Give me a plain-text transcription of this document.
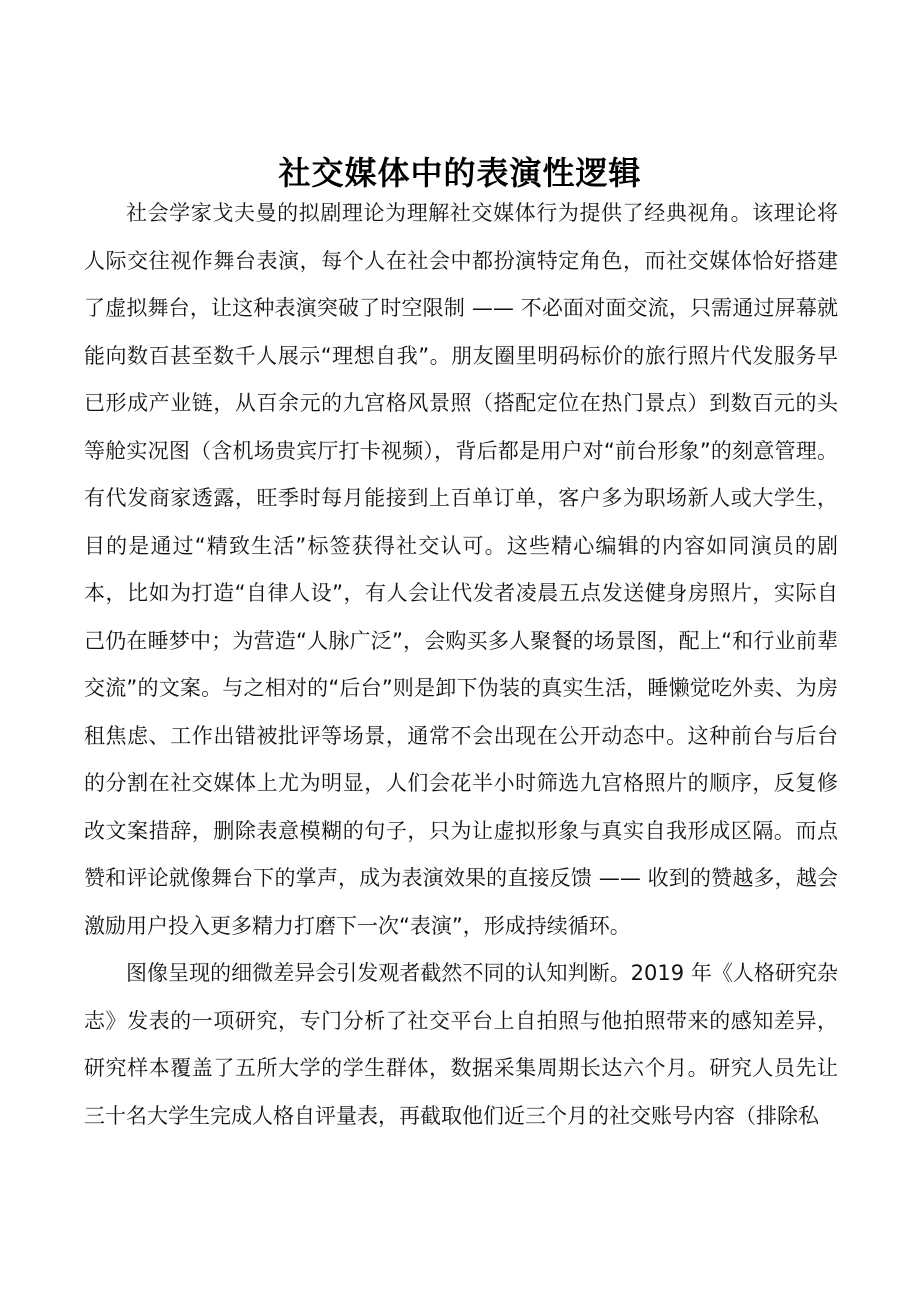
社交媒体中的表演性逻辑

社会学家戈夫曼的拟剧理论为理解社交媒体行为提供了经典视角。该理论将人际交往视作舞台表演，每个人在社会中都扮演特定角色，而社交媒体恰好搭建了虚拟舞台，让这种表演突破了时空限制 —— 不必面对面交流，只需通过屏幕就能向数百甚至数千人展示“理想自我”。朋友圈里明码标价的旅行照片代发服务早已形成产业链，从百余元的九宫格风景照（搭配定位在热门景点）到数百元的头等舱实况图（含机场贵宾厅打卡视频），背后都是用户对“前台形象”的刻意管理。有代发商家透露，旺季时每月能接到上百单订单，客户多为职场新人或大学生，目的是通过“精致生活”标签获得社交认可。这些精心编辑的内容如同演员的剧本，比如为打造“自律人设”，有人会让代发者凌晨五点发送健身房照片，实际自己仍在睡梦中；为营造“人脉广泛”，会购买多人聚餐的场景图，配上“和行业前辈交流”的文案。与之相对的“后台”则是卸下伪装的真实生活，睡懒觉吃外卖、为房租焦虑、工作出错被批评等场景，通常不会出现在公开动态中。这种前台与后台的分割在社交媒体上尤为明显，人们会花半小时筛选九宫格照片的顺序，反复修改文案措辞，删除表意模糊的句子，只为让虚拟形象与真实自我形成区隔。而点赞和评论就像舞台下的掌声，成为表演效果的直接反馈 —— 收到的赞越多，越会激励用户投入更多精力打磨下一次“表演”，形成持续循环。

图像呈现的细微差异会引发观者截然不同的认知判断。2019 年《人格研究杂志》发表的一项研究，专门分析了社交平台上自拍照与他拍照带来的感知差异，研究样本覆盖了五所大学的学生群体，数据采集周期长达六个月。研究人员先让三十名大学生完成人格自评量表，再截取他们近三个月的社交账号内容（排除私
